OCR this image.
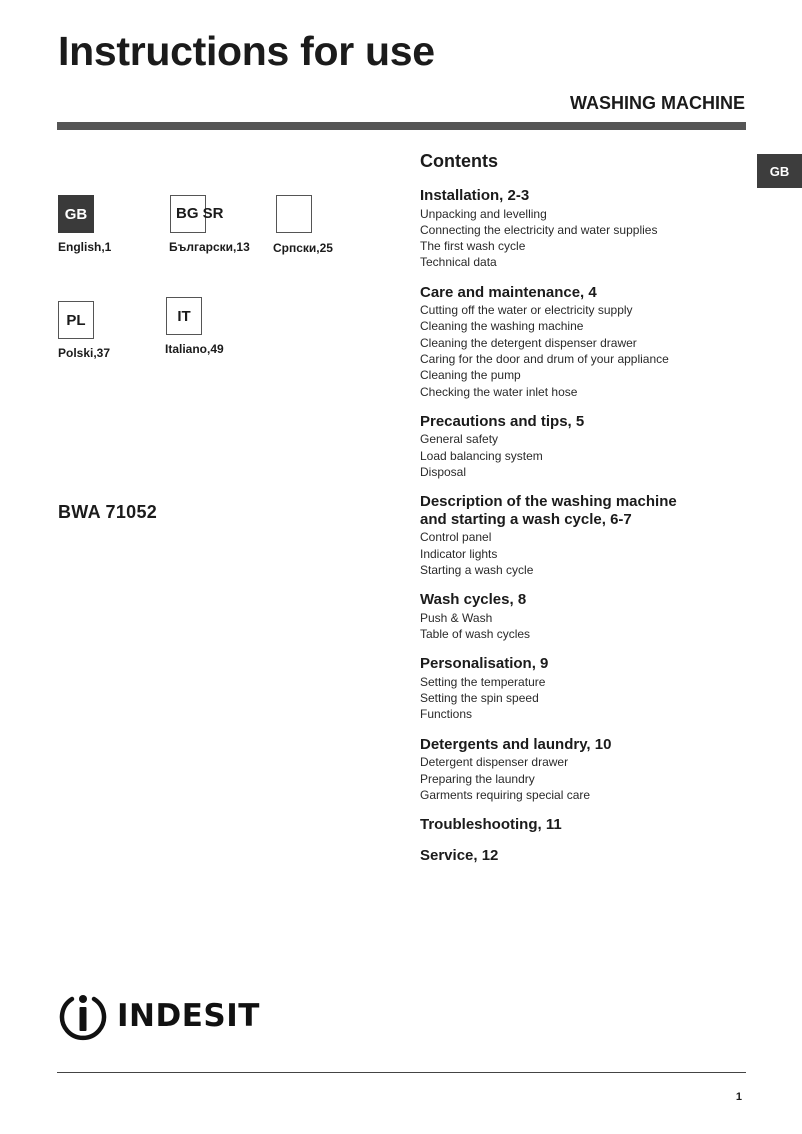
Instructions for use
WASHING MACHINE
GB
GB
English,1
BG SR
Български,13 Српски,25
PL
Polski,37
IT
Italiano,49
BWA 71052
Contents
Installation, 2-3
Unpacking and levelling
Connecting the electricity and water supplies
The first wash cycle
Technical data
Care and maintenance, 4
Cutting off the water or electricity supply
Cleaning the washing machine
Cleaning the detergent dispenser drawer
Caring for the door and drum of your appliance
Cleaning the pump
Checking the water inlet hose
Precautions and tips, 5
General safety
Load balancing system
Disposal
Description of the washing machine
and starting a wash cycle, 6-7
Control panel
Indicator lights
Starting a wash cycle
Wash cycles, 8
Push & Wash
Table of wash cycles
Personalisation, 9
Setting the temperature
Setting the spin speed
Functions
Detergents and laundry, 10
Detergent dispenser drawer
Preparing the laundry
Garments requiring special care
Troubleshooting, 11
Service, 12
INDESIT
1
